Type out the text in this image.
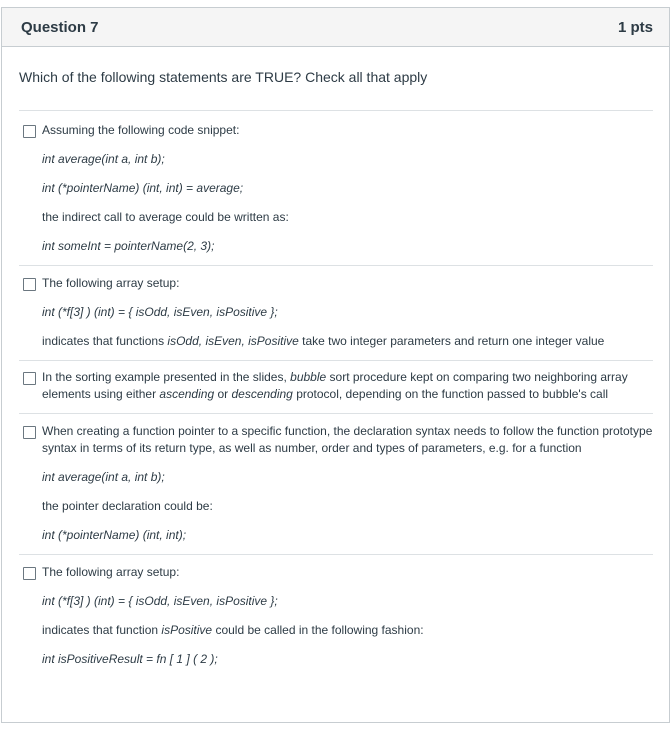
Question 7	1 pts
Which of the following statements are TRUE? Check all that apply

Assuming the following code snippet:

int average(int a, int b);

int (*pointerName) (int, int) = average;

the indirect call to average could be written as:

int someInt = pointerName(2, 3);

The following array setup:

int (*f[3] ) (int) = { isOdd, isEven, isPositive };

indicates that functions isOdd, isEven, isPositive take two integer parameters and return one integer value

In the sorting example presented in the slides, bubble sort procedure kept on comparing two neighboring array elements using either ascending or descending protocol, depending on the function passed to bubble's call

When creating a function pointer to a specific function, the declaration syntax needs to follow the function prototype syntax in terms of its return type, as well as number, order and types of parameters, e.g. for a function

int average(int a, int b);

the pointer declaration could be:

int (*pointerName) (int, int);

The following array setup:

int (*f[3] ) (int) = { isOdd, isEven, isPositive };

indicates that function isPositive could be called in the following fashion:

int isPositiveResult = fn [ 1 ] ( 2 );
